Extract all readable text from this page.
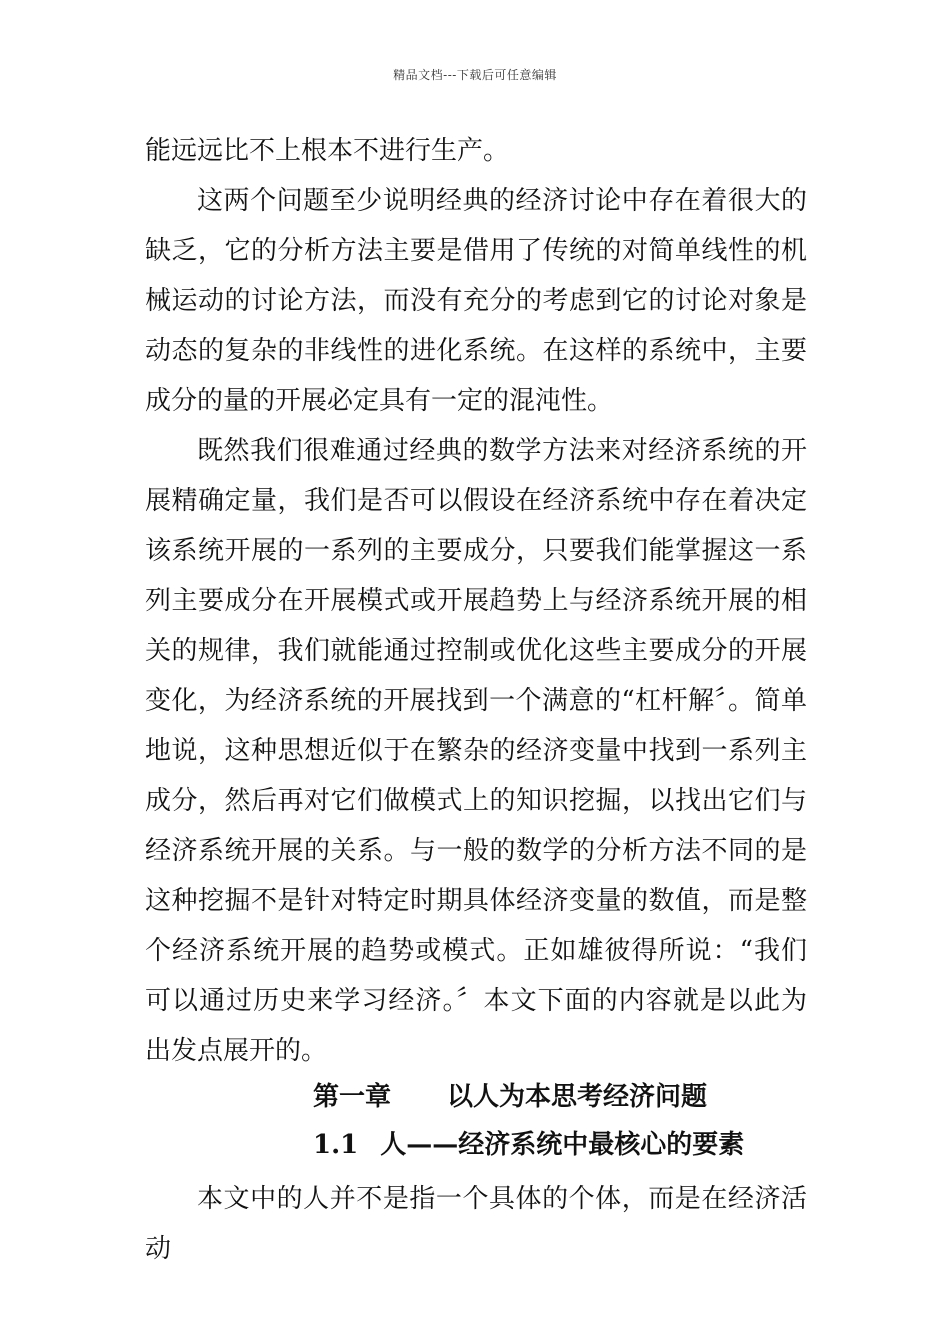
精品文档---下载后可任意编辑

能远远比不上根本不进行生产。

这两个问题至少说明经典的经济讨论中存在着很大的缺乏，它的分析方法主要是借用了传统的对简单线性的机械运动的讨论方法，而没有充分的考虑到它的讨论对象是动态的复杂的非线性的进化系统。在这样的系统中，主要成分的量的开展必定具有一定的混沌性。

既然我们很难通过经典的数学方法来对经济系统的开展精确定量，我们是否可以假设在经济系统中存在着决定该系统开展的一系列的主要成分，只要我们能掌握这一系列主要成分在开展模式或开展趋势上与经济系统开展的相关的规律，我们就能通过控制或优化这些主要成分的开展变化，为经济系统的开展找到一个满意的“杠杆解〞。简单地说，这种思想近似于在繁杂的经济变量中找到一系列主成分，然后再对它们做模式上的知识挖掘，以找出它们与经济系统开展的关系。与一般的数学的分析方法不同的是这种挖掘不是针对特定时期具体经济变量的数值，而是整个经济系统开展的趋势或模式。正如雄彼得所说：“我们可以通过历史来学习经济。〞本文下面的内容就是以此为出发点展开的。

第一章 以人为本思考经济问题
1.1 人——经济系统中最核心的要素

本文中的人并不是指一个具体的个体，而是在经济活动
